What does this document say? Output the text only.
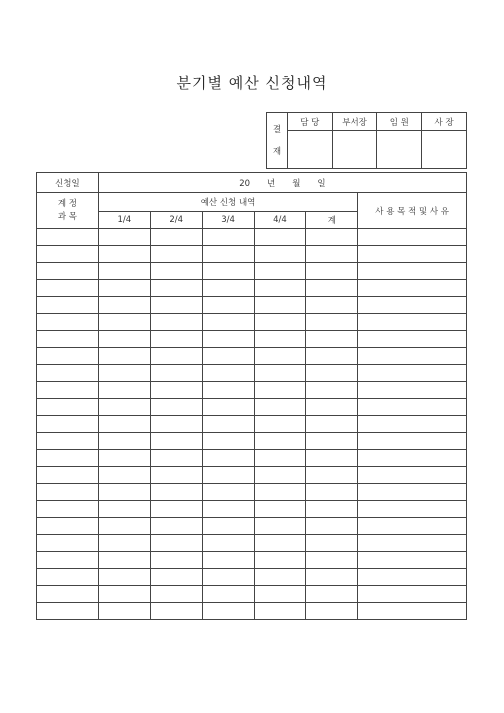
분기별 예산 신청내역
결
재	담 당	부서장	임 원	사 장

신청일	20　　년　　월　　일					
계 정
과 목	예산 신청 내역					사 용 목 적 및 사 유
	1/4	2/4	3/4	4/4	계	
